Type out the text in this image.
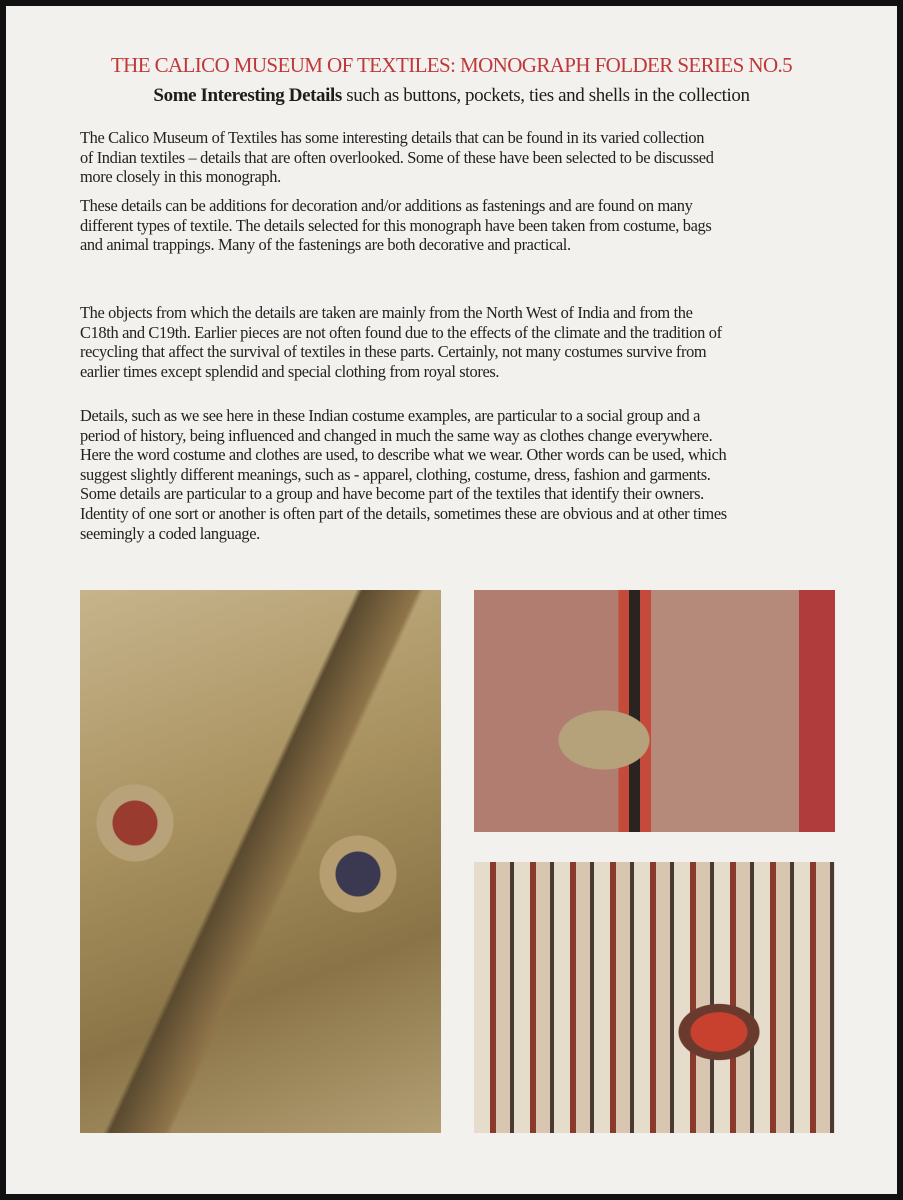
THE CALICO MUSEUM OF TEXTILES: MONOGRAPH FOLDER SERIES NO.5
Some Interesting Details such as buttons, pockets, ties and shells in the collection
The Calico Museum of Textiles has some interesting details that can be found in its varied collection
of Indian textiles – details that are often overlooked. Some of these have been selected to be discussed
more closely in this monograph.
These details can be additions for decoration and/or additions as fastenings and are found on many
different types of textile. The details selected for this monograph have been taken from costume, bags
and animal trappings. Many of the fastenings are both decorative and practical.
The objects from which the details are taken are mainly from the North West of India and from the
C18th and C19th. Earlier pieces are not often found due to the effects of the climate and the tradition of
recycling that affect the survival of textiles in these parts. Certainly, not many costumes survive from
earlier times except splendid and special clothing from royal stores.
Details, such as we see here in these Indian costume examples, are particular to a social group and a
period of history, being influenced and changed in much the same way as clothes change everywhere.
Here the word costume and clothes are used, to describe what we wear. Other words can be used, which
suggest slightly different meanings, such as - apparel, clothing, costume, dress, fashion and garments.
Some details are particular to a group and have become part of the textiles that identify their owners.
Identity of one sort or another is often part of the details, sometimes these are obvious and at other times
seemingly a coded language.
